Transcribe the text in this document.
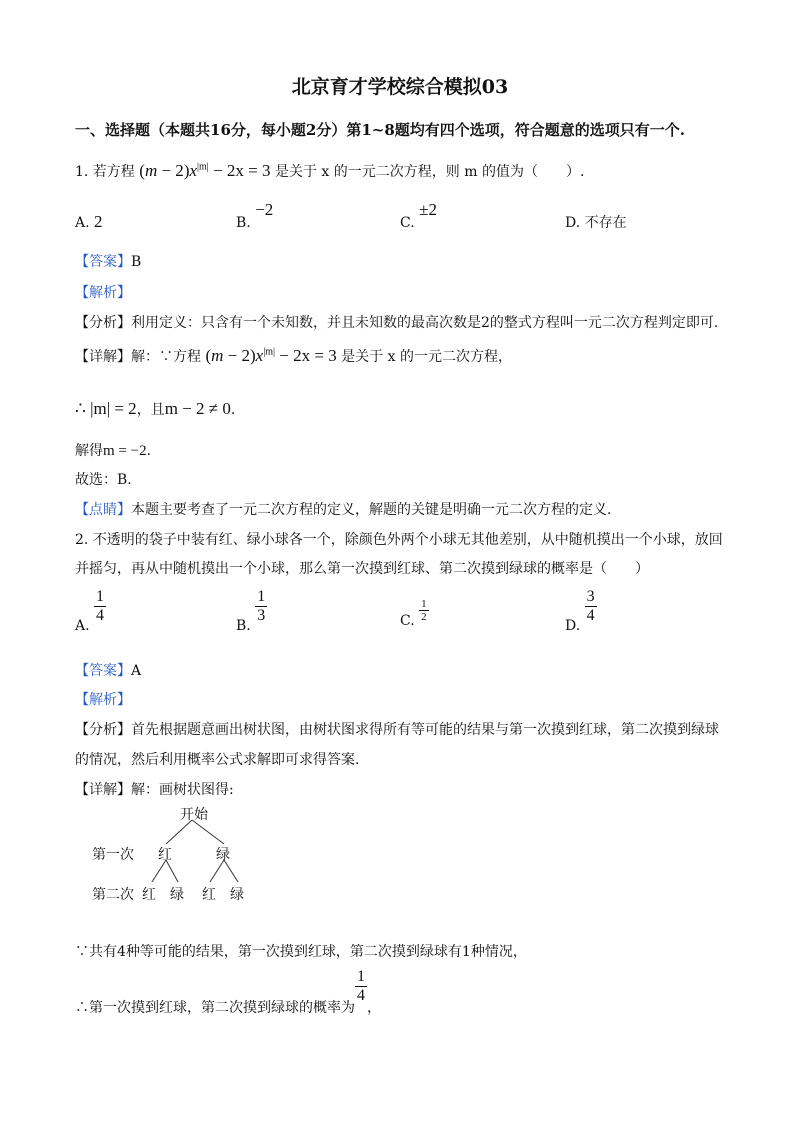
北京育才学校综合模拟03
一、选择题（本题共16分，每小题2分）第1~8题均有四个选项，符合题意的选项只有一个.
1. 若方程 $(m - 2)x^{|m|} - 2x = 3$ 是关于 x 的一元二次方程，则 m 的值为（　　）.
A. 2	B. −2
C. ±2
D. 不存在
【答案】B
【解析】
【分析】利用定义：只含有一个未知数，并且未知数的最高次数是2的整式方程叫一元二次方程判定即可.
【详解】解：∵方程 $(m - 2)x^{|m|} - 2x = 3$ 是关于 x 的一元二次方程，
∴ |m| = 2，且m − 2 ≠ 0.
解得m = −2.
故选：B.
【点睛】本题主要考查了一元二次方程的定义，解题的关键是明确一元二次方程的定义.
2. 不透明的袋子中装有红、绿小球各一个，除颜色外两个小球无其他差别，从中随机摸出一个小球，放回
并摇匀，再从中随机摸出一个小球，那么第一次摸到红球、第二次摸到绿球的概率是（　　）
A.
$\frac{1}{4}$
B.
$\frac{1}{3}$	C. $\frac{1}{2}$
D.
$\frac{3}{4}$
【答案】A
【解析】
【分析】首先根据题意画出树状图，由树状图求得所有等可能的结果与第一次摸到红球，第二次摸到绿球
的情况，然后利用概率公式求解即可求得答案.
【详解】解：画树状图得:
开始
第一次 红	绿
第二次 红 绿 红 绿
∵共有4种等可能的结果，第一次摸到红球，第二次摸到绿球有1种情况，
∴第一次摸到红球，第二次摸到绿球的概率为
$\frac{1}{4}$
，
